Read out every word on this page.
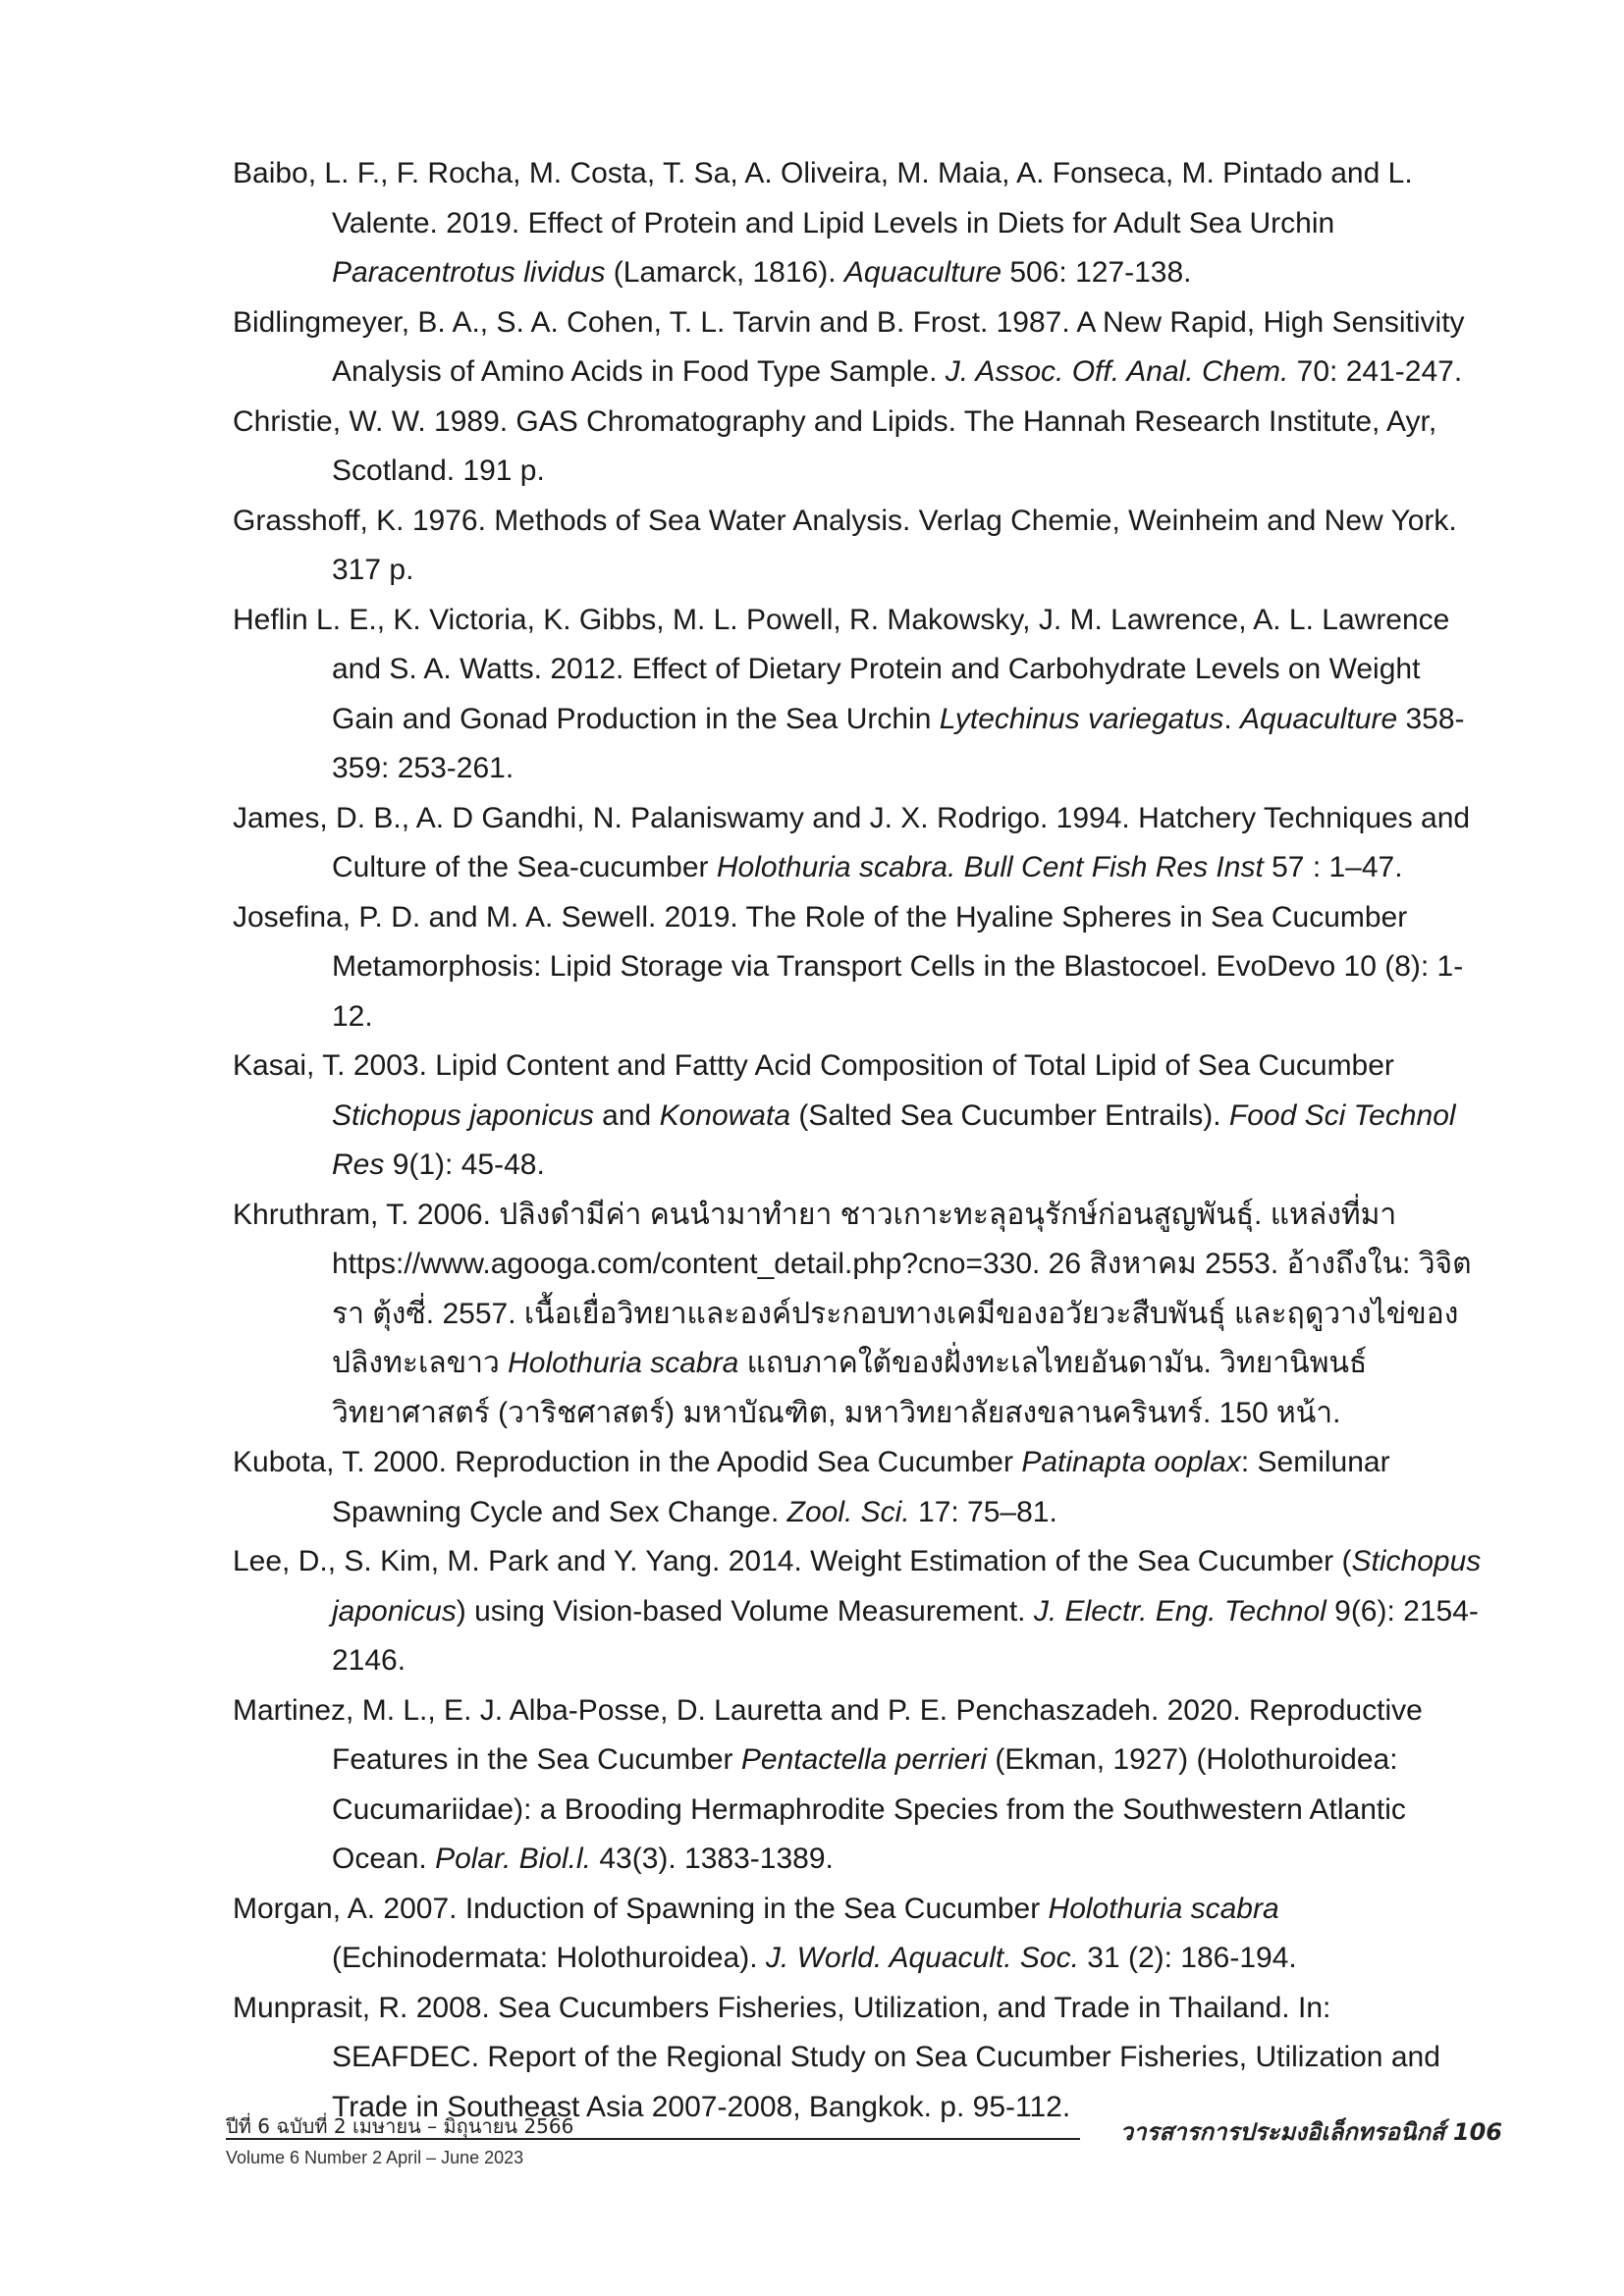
Baibo, L. F., F. Rocha, M. Costa, T. Sa, A. Oliveira, M. Maia, A. Fonseca, M. Pintado and L. Valente. 2019. Effect of Protein and Lipid Levels in Diets for Adult Sea Urchin Paracentrotus lividus (Lamarck, 1816). Aquaculture 506: 127-138.

Bidlingmeyer, B. A., S. A. Cohen, T. L. Tarvin and B. Frost. 1987. A New Rapid, High Sensitivity Analysis of Amino Acids in Food Type Sample. J. Assoc. Off. Anal. Chem. 70: 241-247.

Christie, W. W. 1989. GAS Chromatography and Lipids. The Hannah Research Institute, Ayr, Scotland. 191 p.

Grasshoff, K. 1976. Methods of Sea Water Analysis. Verlag Chemie, Weinheim and New York. 317 p.

Heflin L. E., K. Victoria, K. Gibbs, M. L. Powell, R. Makowsky, J. M. Lawrence, A. L. Lawrence and S. A. Watts. 2012. Effect of Dietary Protein and Carbohydrate Levels on Weight Gain and Gonad Production in the Sea Urchin Lytechinus variegatus. Aquaculture 358-359: 253-261.

James, D. B., A. D Gandhi, N. Palaniswamy and J. X. Rodrigo. 1994. Hatchery Techniques and Culture of the Sea-cucumber Holothuria scabra. Bull Cent Fish Res Inst 57 : 1–47.

Josefina, P. D. and M. A. Sewell. 2019. The Role of the Hyaline Spheres in Sea Cucumber Metamorphosis: Lipid Storage via Transport Cells in the Blastocoel. EvoDevo 10 (8): 1-12.

Kasai, T. 2003. Lipid Content and Fattty Acid Composition of Total Lipid of Sea Cucumber Stichopus japonicus and Konowata (Salted Sea Cucumber Entrails). Food Sci Technol Res 9(1): 45-48.

Khruthram, T. 2006. ปลิงดำมีค่า คนนำมาทำยา ชาวเกาะทะลุอนุรักษ์ก่อนสูญพันธุ์. แหล่งที่มา https://www.agooga.com/content_detail.php?cno=330. 26 สิงหาคม 2553. อ้างถึงใน: วิจิตรา ตุ้งซี่. 2557. เนื้อเยื่อวิทยาและองค์ประกอบทางเคมีของอวัยวะสืบพันธุ์ และฤดูวางไข่ของปลิงทะเลขาว Holothuria scabra แถบภาคใต้ของฝั่งทะเลไทยอันดามัน. วิทยานิพนธ์วิทยาศาสตร์ (วาริชศาสตร์) มหาบัณฑิต, มหาวิทยาลัยสงขลานครินทร์. 150 หน้า.

Kubota, T. 2000. Reproduction in the Apodid Sea Cucumber Patinapta ooplax: Semilunar Spawning Cycle and Sex Change. Zool. Sci. 17: 75–81.

Lee, D., S. Kim, M. Park and Y. Yang. 2014. Weight Estimation of the Sea Cucumber (Stichopus japonicus) using Vision-based Volume Measurement. J. Electr. Eng. Technol 9(6): 2154-2146.

Martinez, M. L., E. J. Alba-Posse, D. Lauretta and P. E. Penchaszadeh. 2020. Reproductive Features in the Sea Cucumber Pentactella perrieri (Ekman, 1927) (Holothuroidea: Cucumariidae): a Brooding Hermaphrodite Species from the Southwestern Atlantic Ocean. Polar. Biol.l. 43(3). 1383-1389.

Morgan, A. 2007. Induction of Spawning in the Sea Cucumber Holothuria scabra (Echinodermata: Holothuroidea). J. World. Aquacult. Soc. 31 (2): 186-194.

Munprasit, R. 2008. Sea Cucumbers Fisheries, Utilization, and Trade in Thailand. In: SEAFDEC. Report of the Regional Study on Sea Cucumber Fisheries, Utilization and Trade in Southeast Asia 2007-2008, Bangkok. p. 95-112.

ปีที่ 6 ฉบับที่ 2 เมษายน – มิถุนายน 2566	วารสารการประมงอิเล็กทรอนิกส์ 106
Volume 6 Number 2 April – June 2023
